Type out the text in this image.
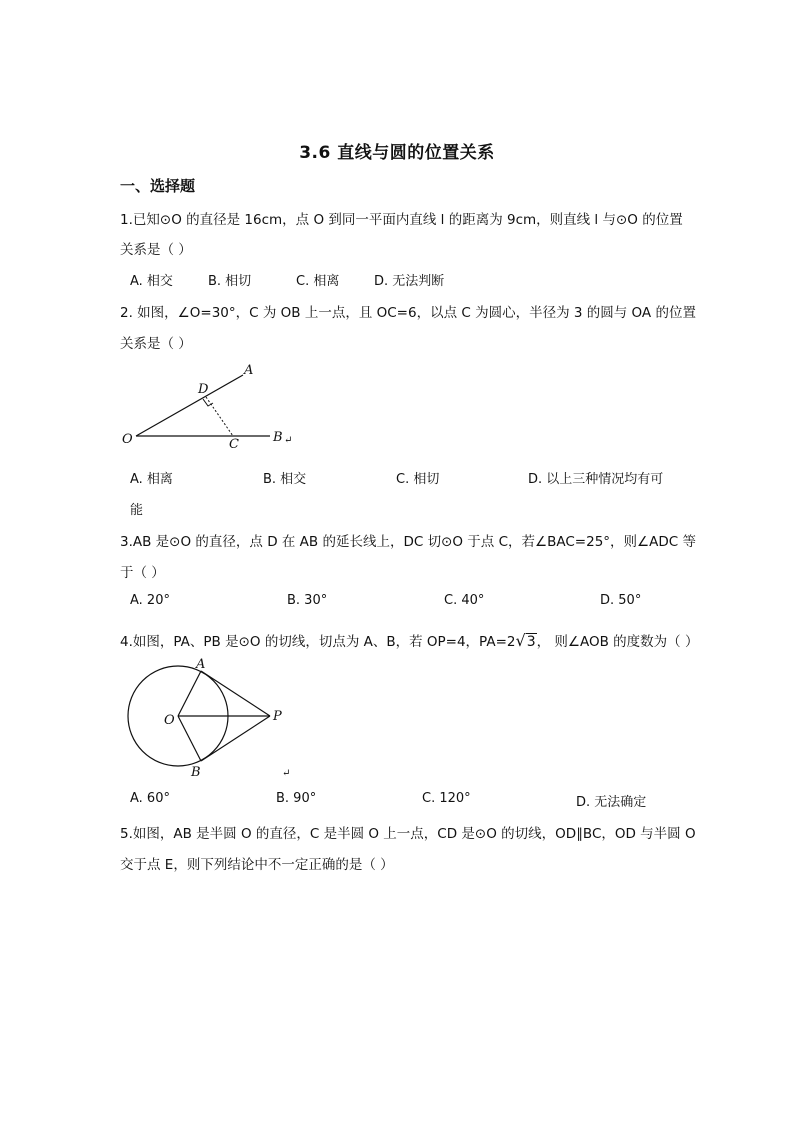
3.6 直线与圆的位置关系
一、选择题
1.已知⊙O 的直径是 16cm，点 O 到同一平面内直线 l 的距离为 9cm，则直线 l 与⊙O 的位置
关系是（ ）
A. 相交	B. 相切	C. 相离	D. 无法判断
2. 如图，∠O=30°，C 为 OB 上一点，且 OC=6，以点 C 为圆心，半径为 3 的圆与 OA 的位置
关系是（ ）
O
A
B
C
D
↵
A. 相离	B. 相交	C. 相切	D. 以上三种情况均有可
能
3.AB 是⊙O 的直径，点 D 在 AB 的延长线上，DC 切⊙O 于点 C，若∠BAC=25°，则∠ADC 等
于（ ）
A. 20°	B. 30°	C. 40°	D. 50°
4.如图，PA、PB 是⊙O 的切线，切点为 A、B，若 OP=4，PA=2√3， 则∠AOB 的度数为（ ）
A
B
O	P
↵
A. 60°	B. 90°	C. 120°	D. 无法确定
5.如图，AB 是半圆 O 的直径，C 是半圆 O 上一点，CD 是⊙O 的切线，OD∥BC，OD 与半圆 O
交于点 E，则下列结论中不一定正确的是（ ）
